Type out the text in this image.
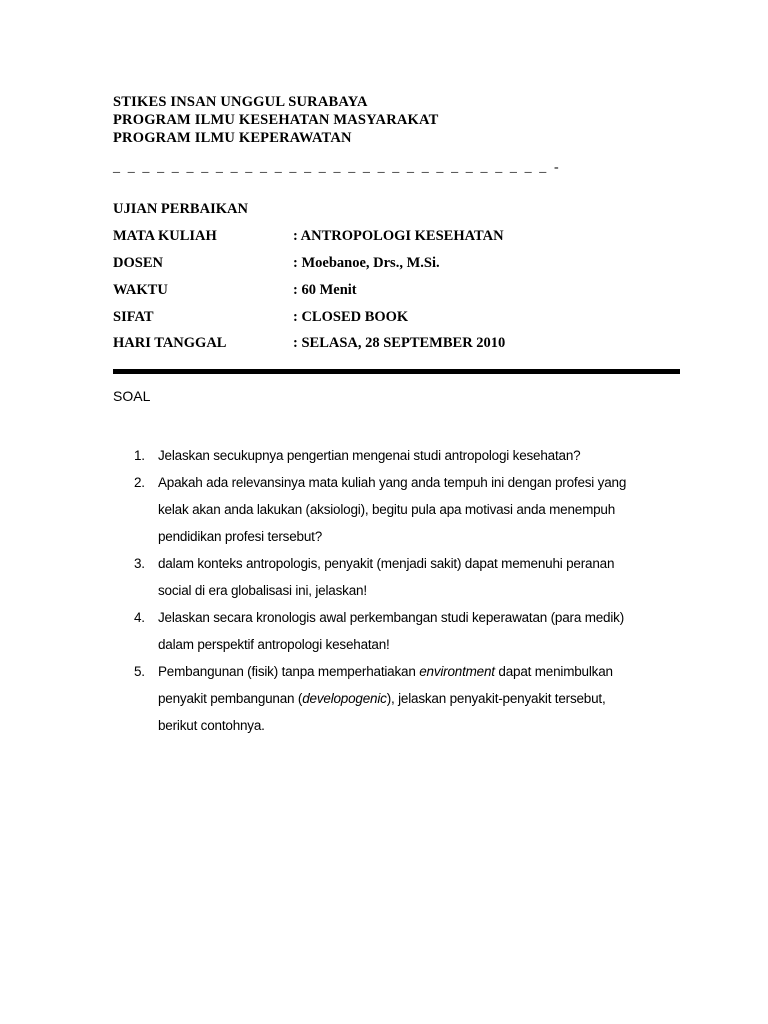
STIKES INSAN UNGGUL SURABAYA
PROGRAM ILMU KESEHATAN MASYARAKAT
PROGRAM ILMU KEPERAWATAN
_ _ _ _ _ _ _ _ _ _ _ _ _ _ _ _ _ _ _ _ _ _ _ _ _ _ _ _ _ _ -
UJIAN PERBAIKAN
MATA KULIAH	: ANTROPOLOGI KESEHATAN
DOSEN	: Moebanoe, Drs., M.Si.
WAKTU	: 60 Menit
SIFAT	: CLOSED BOOK
HARI TANGGAL	: SELASA, 28 SEPTEMBER 2010
SOAL
1. Jelaskan secukupnya pengertian mengenai studi antropologi kesehatan?
2. Apakah ada relevansinya mata kuliah yang anda tempuh ini dengan profesi yang
kelak akan anda lakukan (aksiologi), begitu pula apa motivasi anda menempuh
pendidikan profesi tersebut?
3. dalam konteks antropologis, penyakit (menjadi sakit) dapat memenuhi peranan
social di era globalisasi ini, jelaskan!
4. Jelaskan secara kronologis awal perkembangan studi keperawatan (para medik)
dalam perspektif antropologi kesehatan!
5. Pembangunan (fisik) tanpa memperhatiakan environtment dapat menimbulkan
penyakit pembangunan (developogenic), jelaskan penyakit-penyakit tersebut,
berikut contohnya.
